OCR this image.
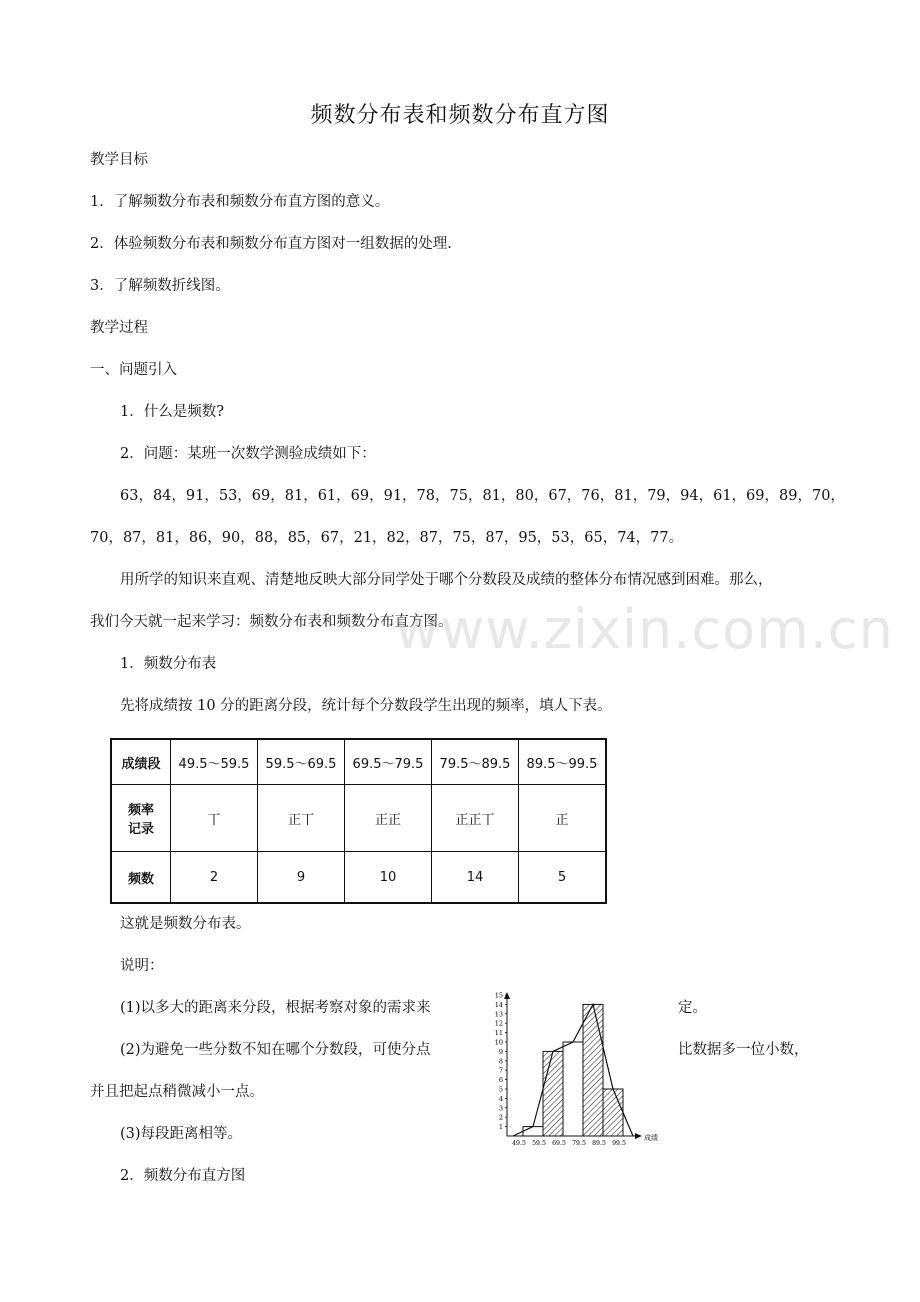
频数分布表和频数分布直方图
教学目标
1．了解频数分布表和频数分布直方图的意义。
2．体验频数分布表和频数分布直方图对一组数据的处理.
3．了解频数折线图。
教学过程
一、问题引入
1．什么是频数?
2．问题：某班一次数学测验成绩如下：
63，84，91，53，69，81，61，69，91，78，75，81，80，67，76，81，79，94，61，69，89，70，
70，87，81，86，90，88，85，67，21，82，87，75，87，95，53，65，74，77。
用所学的知识来直观、清楚地反映大部分同学处于哪个分数段及成绩的整体分布情况感到困难。那么，
我们今天就一起来学习：频数分布表和频数分布直方图。
www.zixin.com.cn
1．频数分布表
先将成绩按 10 分的距离分段，统计每个分数段学生出现的频率，填人下表。
成绩段	49.5～59.5	59.5～69.5	69.5～79.5	79.5～89.5	89.5～99.5
频率
记录	丅	正丅	正正	正正丅	正
频数	2	9	10	14	5
这就是频数分布表。
说明：
(1)以多大的距离来分段，根据考察对象的需求来	定。
(2)为避免一些分数不知在哪个分数段，可使分点	比数据多一位小数，
并且把起点稍微减小一点。
(3)每段距离相等。
2．频数分布直方图
1
2
3
4
5
6
7
8
9
10
11
12
13
14
15
49.5 59.5 69.5 79.5 89.5 99.5
成绩
